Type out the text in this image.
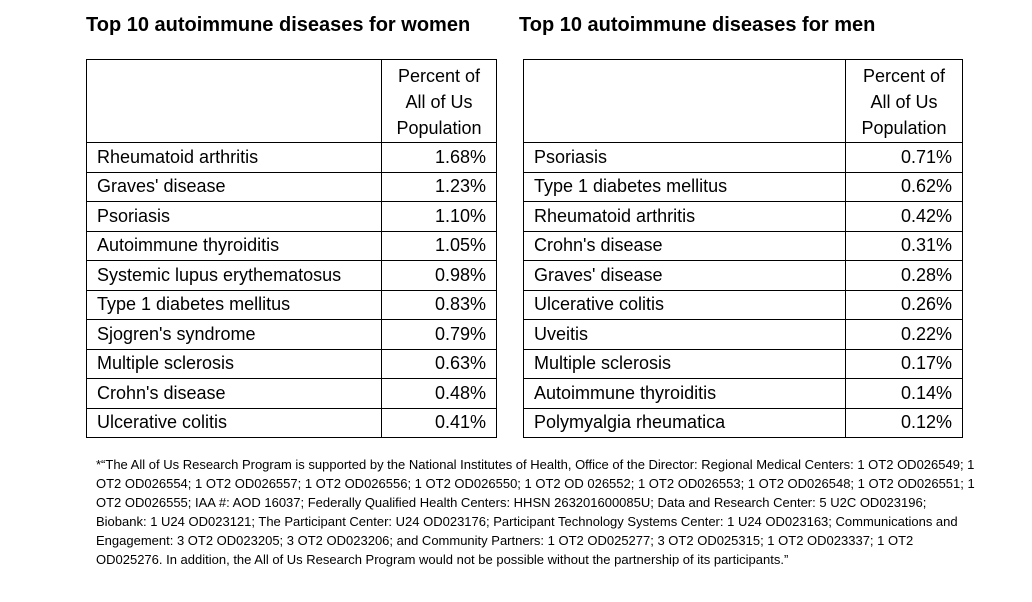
Top 10 autoimmune diseases for women Top 10 autoimmune diseases for men

	Percent of
All of Us
Population

Rheumatoid arthritis	1.68%
Graves' disease	1.23%
Psoriasis	1.10%
Autoimmune thyroiditis	1.05%
Systemic lupus erythematosus	0.98%
Type 1 diabetes mellitus	0.83%
Sjogren's syndrome	0.79%
Multiple sclerosis	0.63%
Crohn's disease	0.48%
Ulcerative colitis	0.41%

	Percent of
All of Us
Population

Psoriasis	0.71%
Type 1 diabetes mellitus	0.62%
Rheumatoid arthritis	0.42%
Crohn's disease	0.31%
Graves' disease	0.28%
Ulcerative colitis	0.26%
Uveitis	0.22%
Multiple sclerosis	0.17%
Autoimmune thyroiditis	0.14%
Polymyalgia rheumatica	0.12%

*“The All of Us Research Program is supported by the National Institutes of Health, Office of the Director: Regional Medical Centers: 1 OT2 OD026549; 1 OT2 OD026554; 1 OT2 OD026557; 1 OT2 OD026556; 1 OT2 OD026550; 1 OT2 OD 026552; 1 OT2 OD026553; 1 OT2 OD026548; 1 OT2 OD026551; 1 OT2 OD026555; IAA #: AOD 16037; Federally Qualified Health Centers: HHSN 263201600085U; Data and Research Center: 5 U2C OD023196; Biobank: 1 U24 OD023121; The Participant Center: U24 OD023176; Participant Technology Systems Center: 1 U24 OD023163; Communications and Engagement: 3 OT2 OD023205; 3 OT2 OD023206; and Community Partners: 1 OT2 OD025277; 3 OT2 OD025315; 1 OT2 OD023337; 1 OT2 OD025276. In addition, the All of Us Research Program would not be possible without the partnership of its participants.”
